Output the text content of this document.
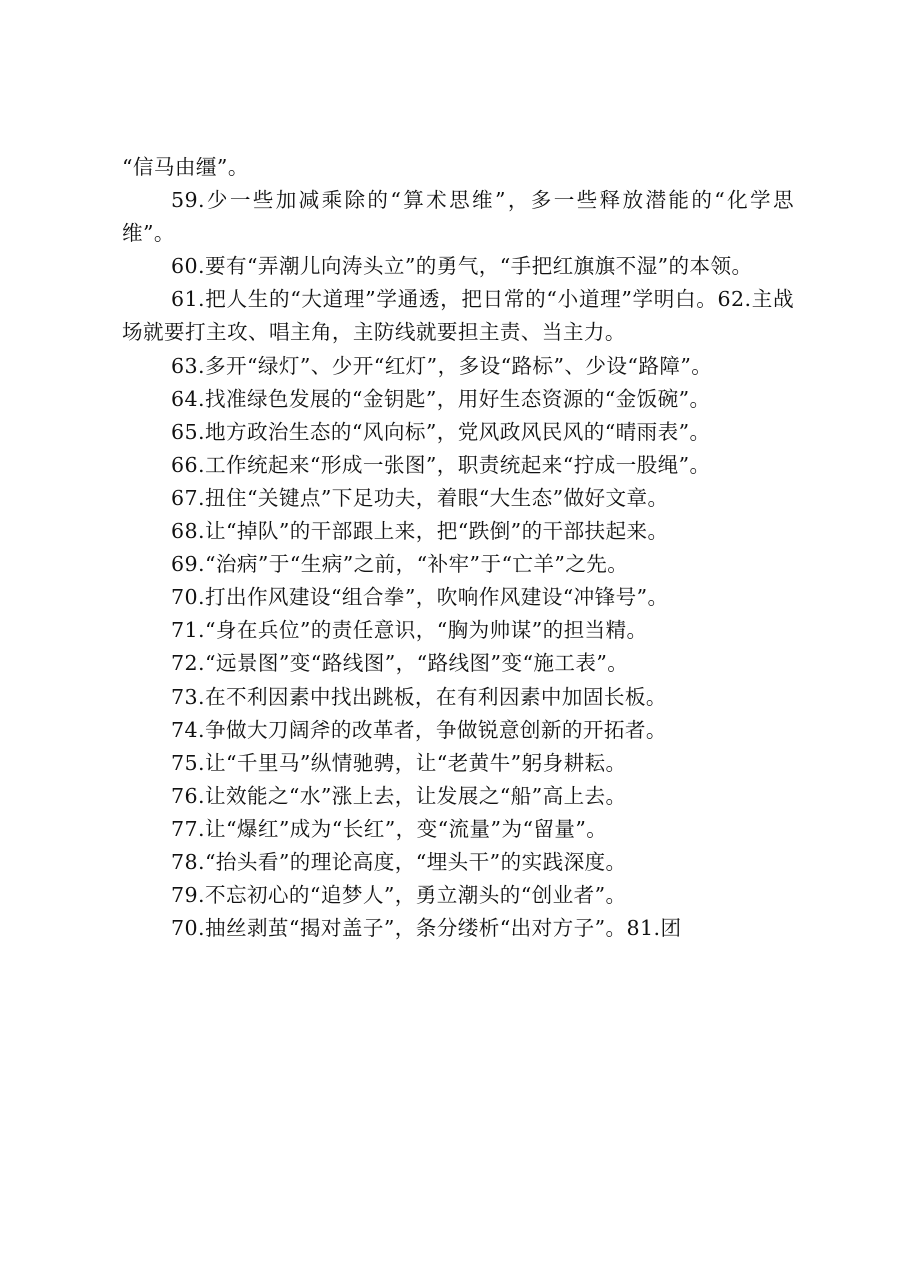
“信马由缰”。

59.少一些加减乘除的“算术思维”，多一些释放潜能的“化学思维”。

60.要有“弄潮儿向涛头立”的勇气，“手把红旗旗不湿”的本领。

61.把人生的“大道理”学通透，把日常的“小道理”学明白。62.主战场就要打主攻、唱主角，主防线就要担主责、当主力。

63.多开“绿灯”、少开“红灯”，多设“路标”、少设“路障”。

64.找准绿色发展的“金钥匙”，用好生态资源的“金饭碗”。

65.地方政治生态的“风向标”，党风政风民风的“晴雨表”。

66.工作统起来“形成一张图”，职责统起来“拧成一股绳”。

67.扭住“关键点”下足功夫，着眼“大生态”做好文章。

68.让“掉队”的干部跟上来，把“跌倒”的干部扶起来。

69.“治病”于“生病”之前，“补牢”于“亡羊”之先。

70.打出作风建设“组合拳”，吹响作风建设“冲锋号”。

71.“身在兵位”的责任意识，“胸为帅谋”的担当精。

72.“远景图”变“路线图”，“路线图”变“施工表”。

73.在不利因素中找出跳板，在有利因素中加固长板。

74.争做大刀阔斧的改革者，争做锐意创新的开拓者。

75.让“千里马”纵情驰骋，让“老黄牛”躬身耕耘。

76.让效能之“水”涨上去，让发展之“船”高上去。

77.让“爆红”成为“长红”，变“流量”为“留量”。

78.“抬头看”的理论高度，“埋头干”的实践深度。

79.不忘初心的“追梦人”，勇立潮头的“创业者”。

70.抽丝剥茧“揭对盖子”，条分缕析“出对方子”。81.团
